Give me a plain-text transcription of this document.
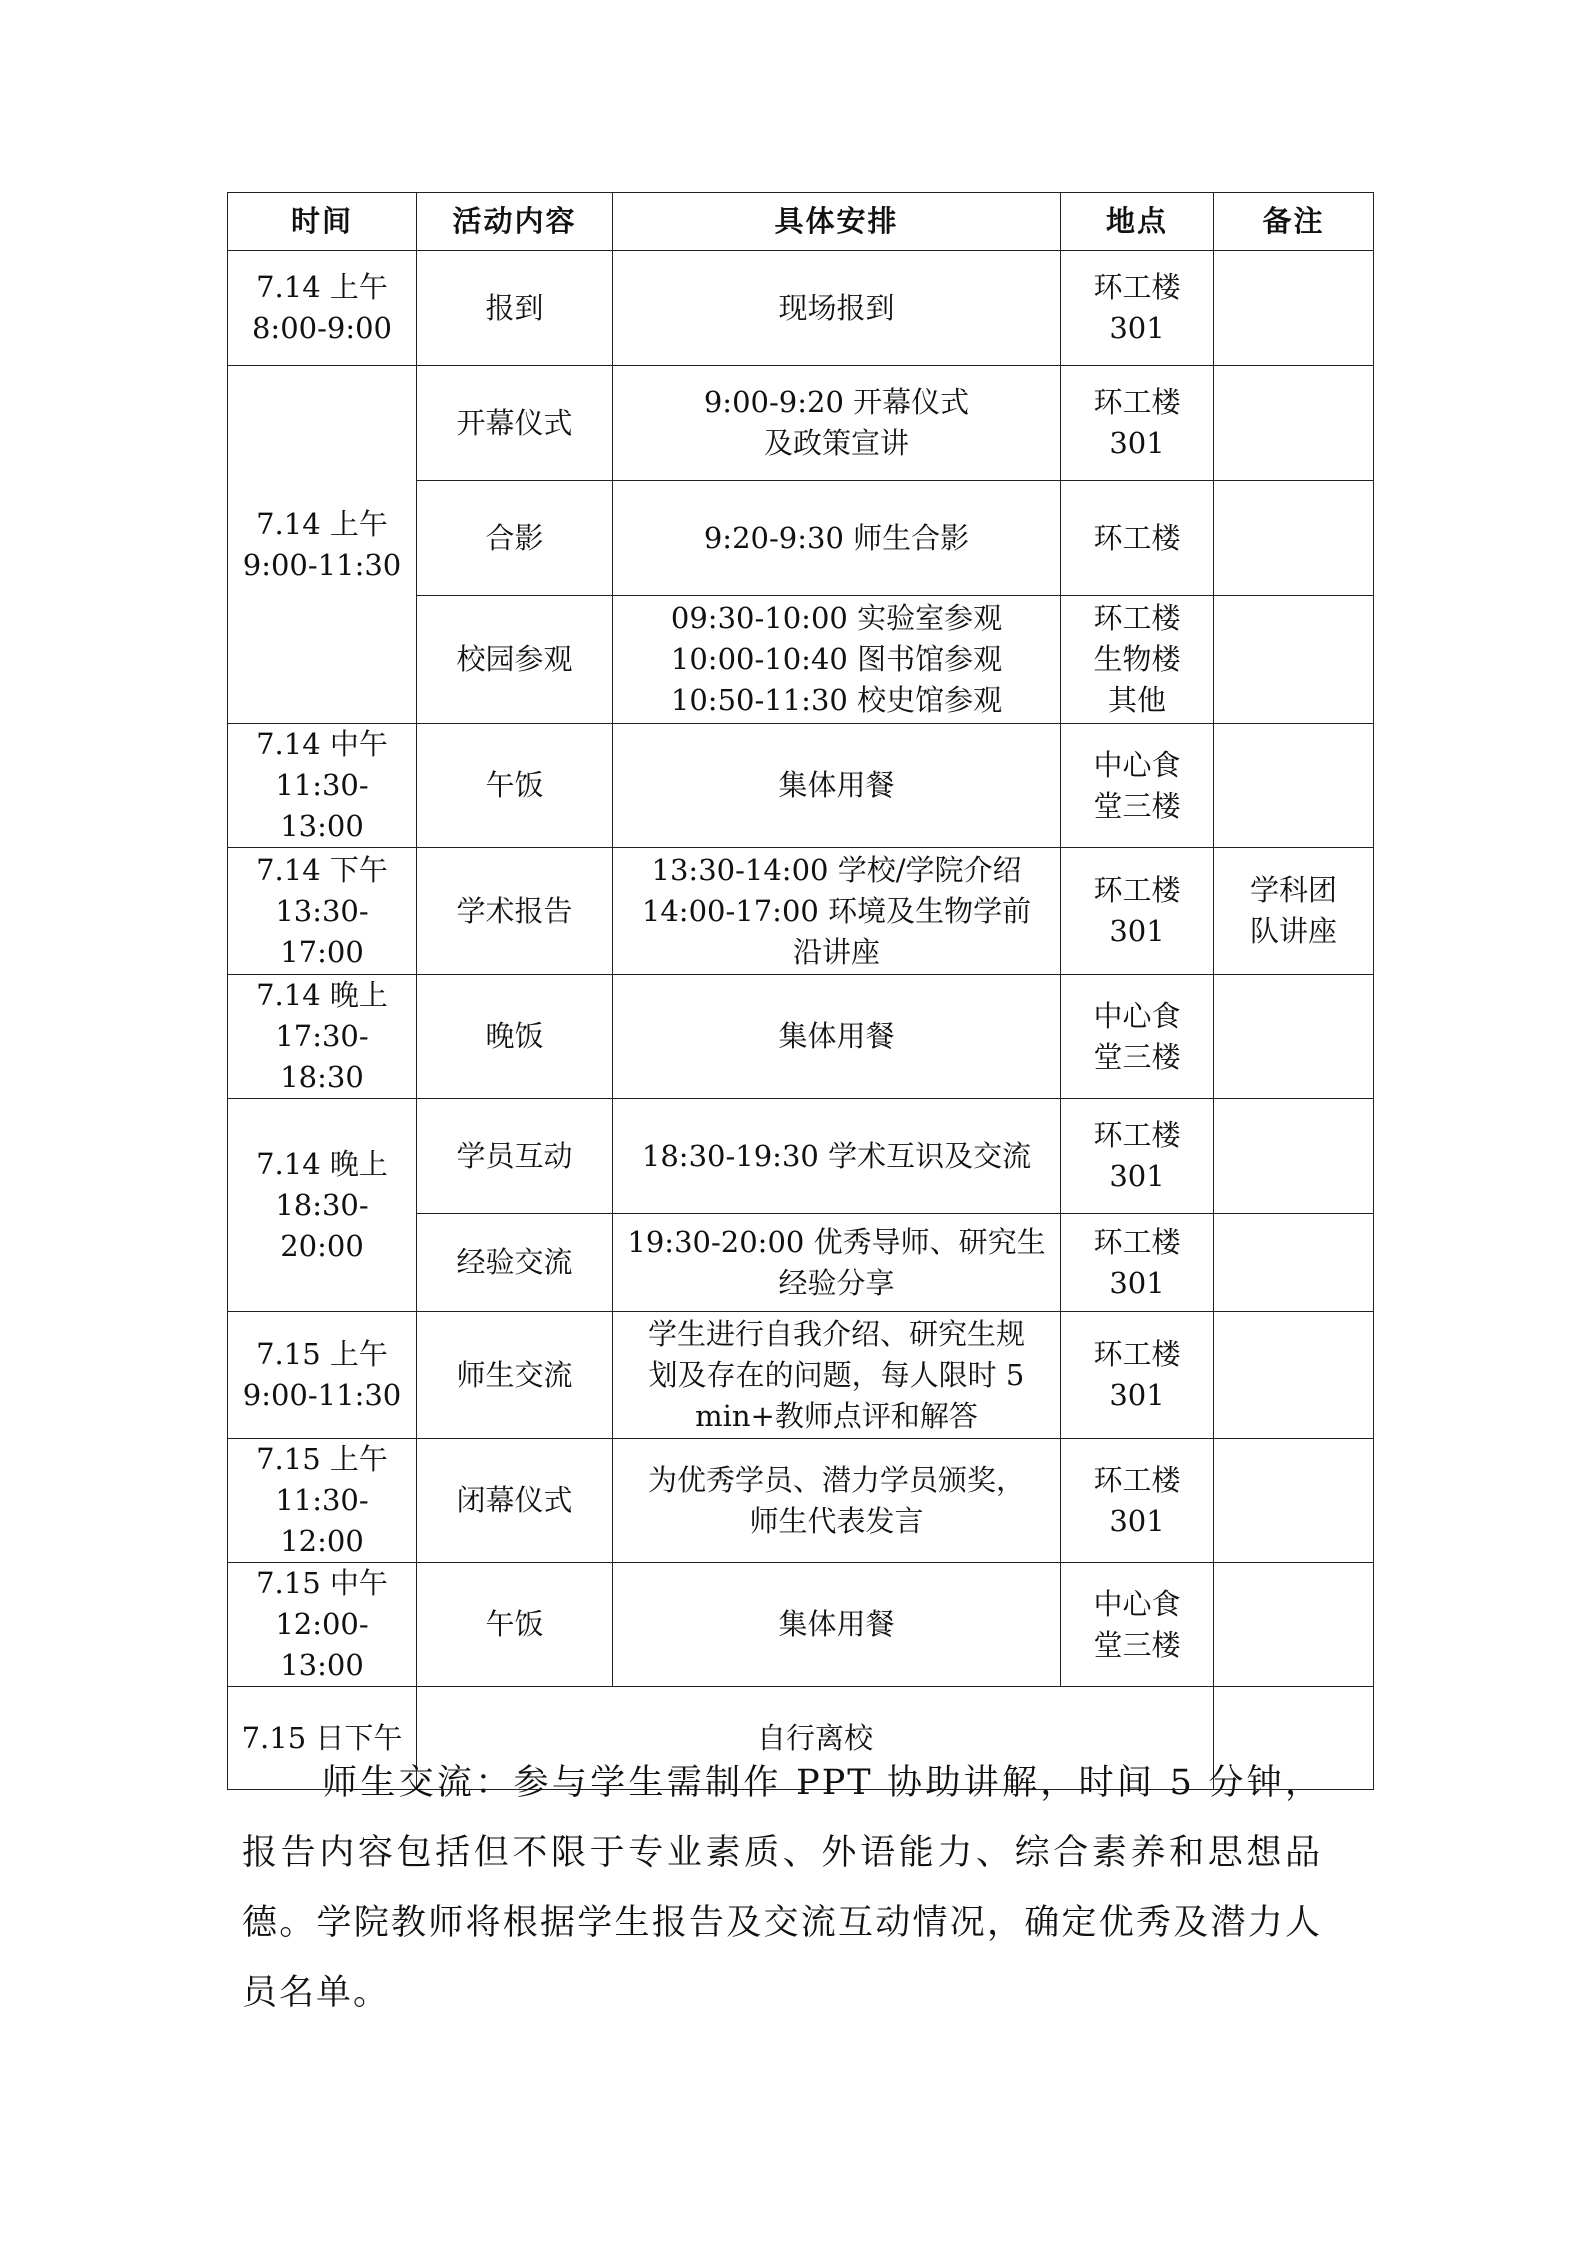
时间	活动内容	具体安排	地点	备注
7.14 上午
8:00-9:00	报到	现场报到	环工楼
301	
7.14 上午
9:00-11:30	开幕仪式	9:00-9:20 开幕仪式
及政策宣讲	环工楼
301	
	合影	9:20-9:30 师生合影	环工楼	
	校园参观	09:30-10:00 实验室参观
10:00-10:40 图书馆参观
10:50-11:30 校史馆参观	环工楼
生物楼
其他	
7.14 中午
11:30-13:00	午饭	集体用餐	中心食
堂三楼	
7.14 下午
13:30-17:00	学术报告	13:30-14:00 学校/学院介绍
14:00-17:00 环境及生物学前
沿讲座	环工楼
301	学科团
队讲座
7.14 晚上
17:30-18:30	晚饭	集体用餐	中心食
堂三楼	
7.14 晚上
18:30-20:00	学员互动	18:30-19:30 学术互识及交流	环工楼
301	
	经验交流	19:30-20:00 优秀导师、研究生
经验分享	环工楼
301	
7.15 上午
9:00-11:30	师生交流	学生进行自我介绍、研究生规
划及存在的问题，每人限时 5
min+教师点评和解答	环工楼
301	
7.15 上午
11:30-12:00	闭幕仪式	为优秀学员、潜力学员颁奖，
师生代表发言	环工楼
301	
7.15 中午
12:00-13:00	午饭	集体用餐	中心食
堂三楼	
7.15 日下午	自行离校			

师生交流：参与学生需制作 PPT 协助讲解，时间 5 分钟，报告内容包括但不限于专业素质、外语能力、综合素养和思想品德。学院教师将根据学生报告及交流互动情况，确定优秀及潜力人员名单。
